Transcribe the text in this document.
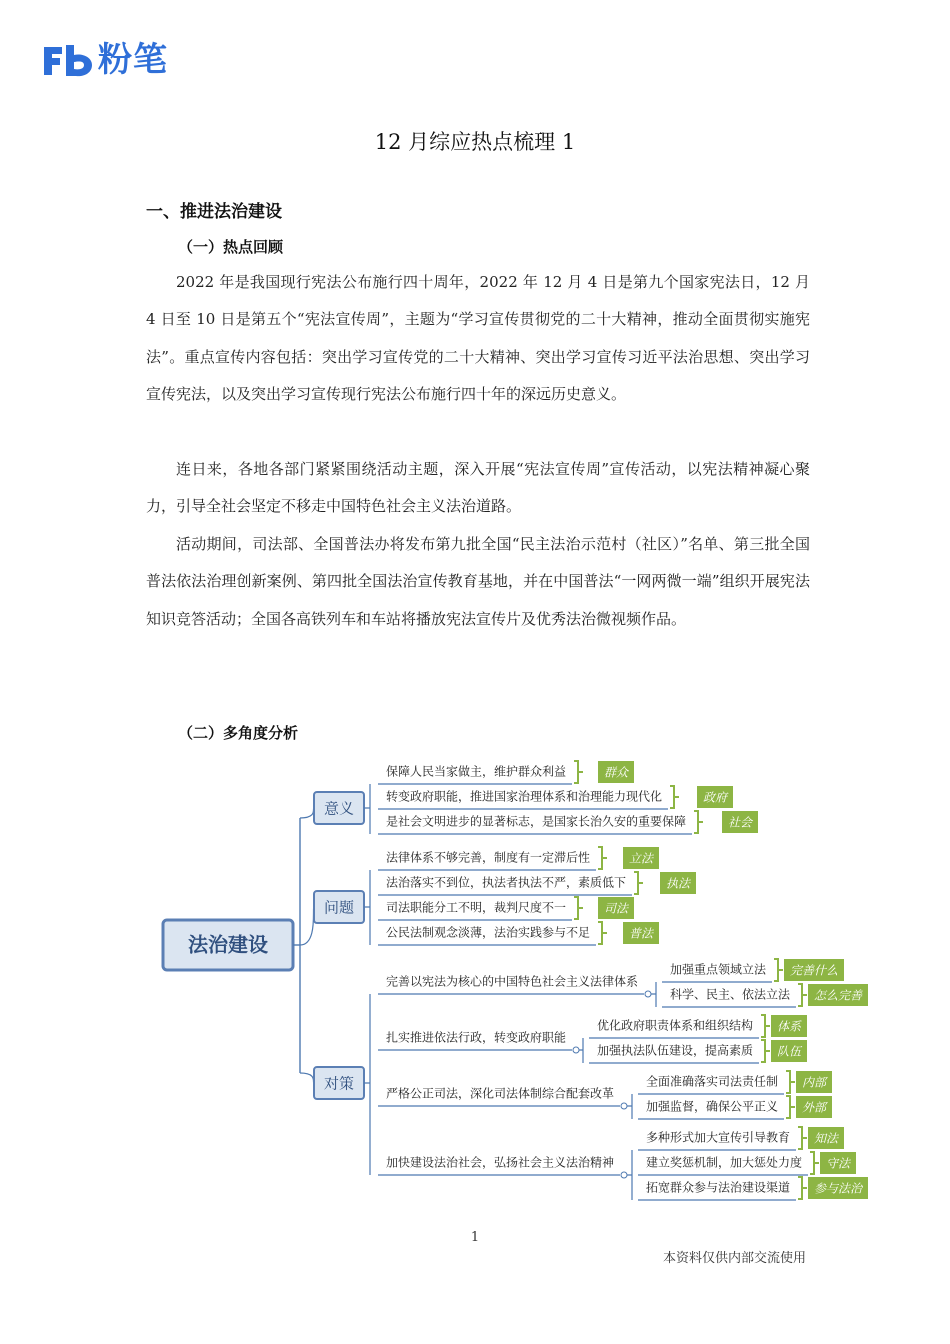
粉笔
12 月综应热点梳理 1
一、推进法治建设
（一）热点回顾

2022 年是我国现行宪法公布施行四十周年，2022 年 12 月 4 日是第九个国家宪法日，12 月 4 日至 10 日是第五个“宪法宣传周”，主题为“学习宣传贯彻党的二十大精神，推动全面贯彻实施宪法”。重点宣传内容包括：突出学习宣传党的二十大精神、突出学习宣传习近平法治思想、突出学习宣传宪法，以及突出学习宣传现行宪法公布施行四十年的深远历史意义。

连日来，各地各部门紧紧围绕活动主题，深入开展“宪法宣传周”宣传活动，以宪法精神凝心聚力，引导全社会坚定不移走中国特色社会主义法治道路。

活动期间，司法部、全国普法办将发布第九批全国“民主法治示范村（社区）”名单、第三批全国普法依法治理创新案例、第四批全国法治宣传教育基地，并在中国普法“一网两微一端”组织开展宪法知识竞答活动；全国各高铁列车和车站将播放宪法宣传片及优秀法治微视频作品。

（二）多角度分析
法治建设
意义
保障人民当家做主，维护群众利益	群众
转变政府职能，推进国家治理体系和治理能力现代化	政府
是社会文明进步的显著标志，是国家长治久安的重要保障	社会
问题
法律体系不够完善，制度有一定滞后性	立法
法治落实不到位，执法者执法不严，素质低下	执法
司法职能分工不明，裁判尺度不一	司法
公民法制观念淡薄，法治实践参与不足	普法
对策
完善以宪法为核心的中国特色社会主义法律体系
加强重点领域立法 完善什么
科学、民主、依法立法 怎么完善
扎实推进依法行政，转变政府职能
优化政府职责体系和组织结构 体系
加强执法队伍建设，提高素质 队伍
严格公正司法，深化司法体制综合配套改革
全面准确落实司法责任制 内部
加强监督，确保公平正义 外部
加快建设法治社会，弘扬社会主义法治精神
多种形式加大宣传引导教育 知法
建立奖惩机制，加大惩处力度 守法
拓宽群众参与法治建设渠道 参与法治
1
本资料仅供内部交流使用
